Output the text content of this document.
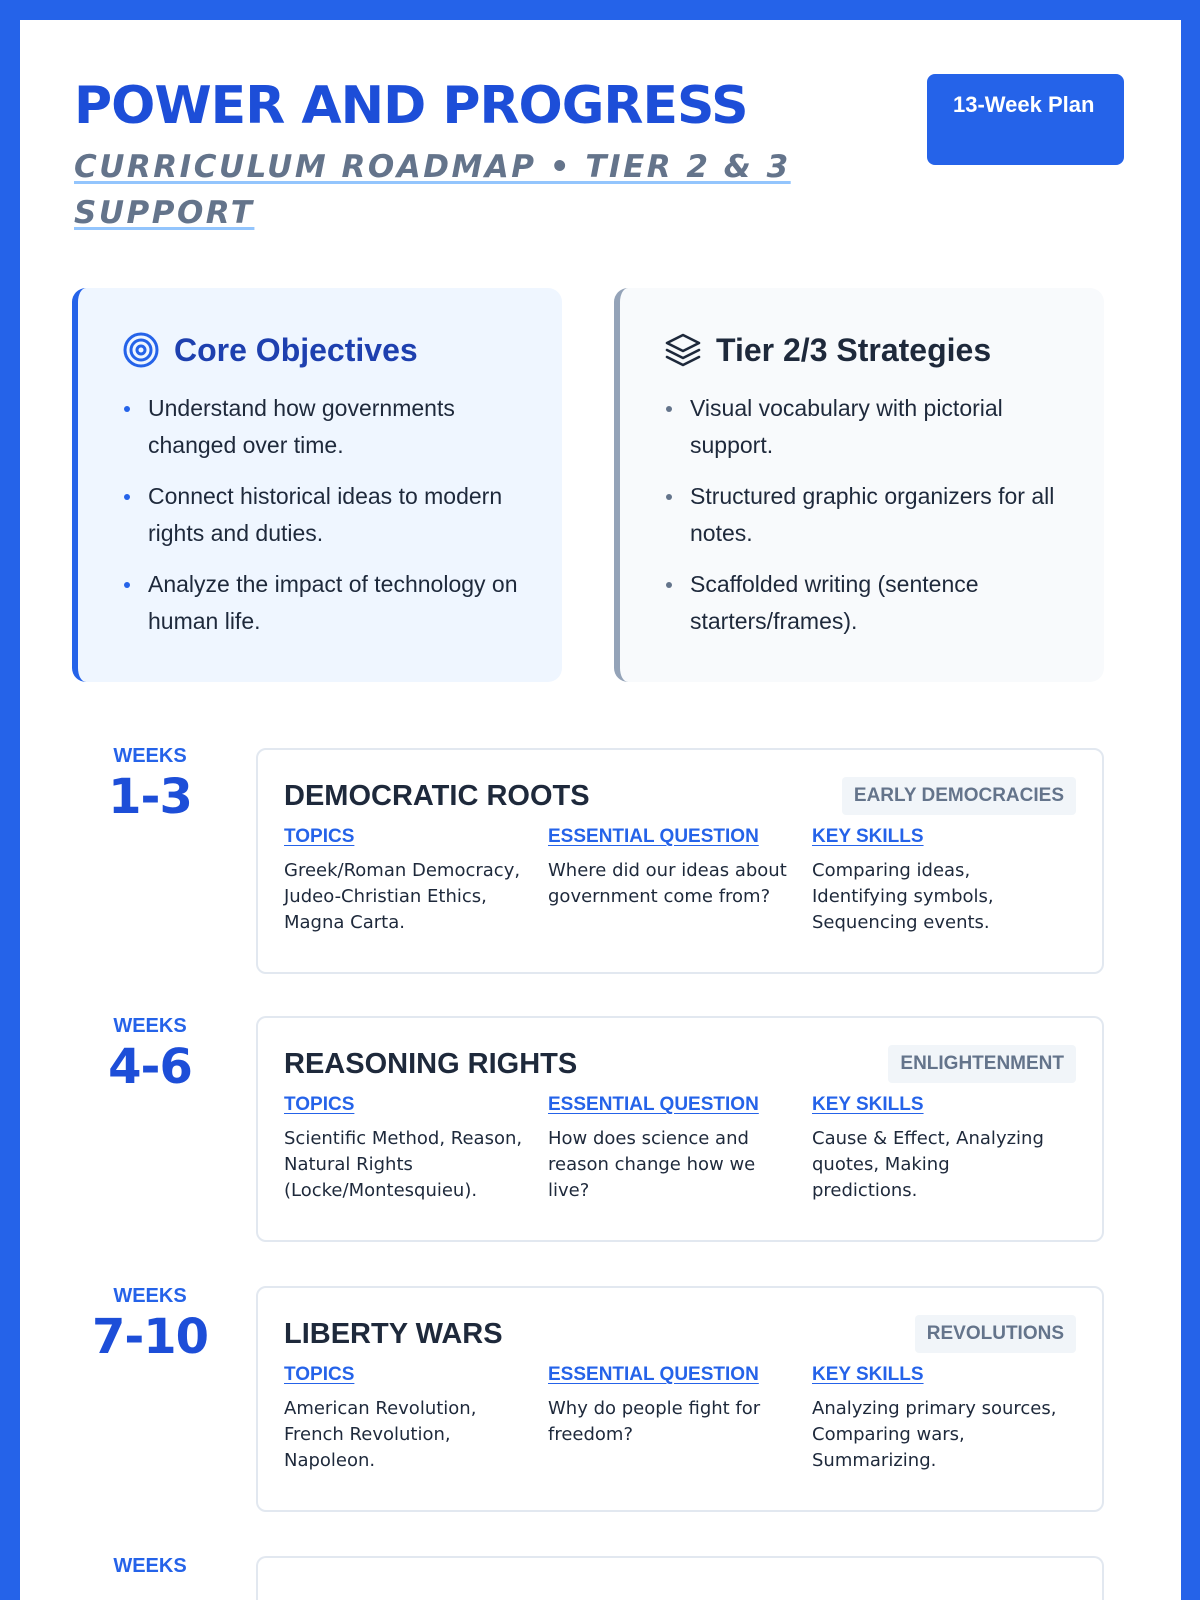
POWER AND PROGRESS
CURRICULUM ROADMAP • TIER 2 & 3 SUPPORT
13-Week Plan
Core Objectives
Understand how governments changed over time.
Connect historical ideas to modern rights and duties.
Analyze the impact of technology on human life.
Tier 2/3 Strategies
Visual vocabulary with pictorial support.
Structured graphic organizers for all notes.
Scaffolded writing (sentence starters/frames).
WEEKS
1-3	DEMOCRATIC ROOTS	EARLY DEMOCRACIES
TOPICS
Greek/Roman Democracy, Judeo-Christian Ethics, Magna Carta.
ESSENTIAL QUESTION
Where did our ideas about government come from?
KEY SKILLS
Comparing ideas, Identifying symbols, Sequencing events.
WEEKS
4-6	REASONING RIGHTS	ENLIGHTENMENT
TOPICS
Scientific Method, Reason, Natural Rights (Locke/Montesquieu).
ESSENTIAL QUESTION
How does science and reason change how we live?
KEY SKILLS
Cause & Effect, Analyzing quotes, Making predictions.
WEEKS
7-10	LIBERTY WARS	REVOLUTIONS
TOPICS
American Revolution, French Revolution, Napoleon.
ESSENTIAL QUESTION
Why do people fight for freedom?
KEY SKILLS
Analyzing primary sources, Comparing wars, Summarizing.
WEEKS
